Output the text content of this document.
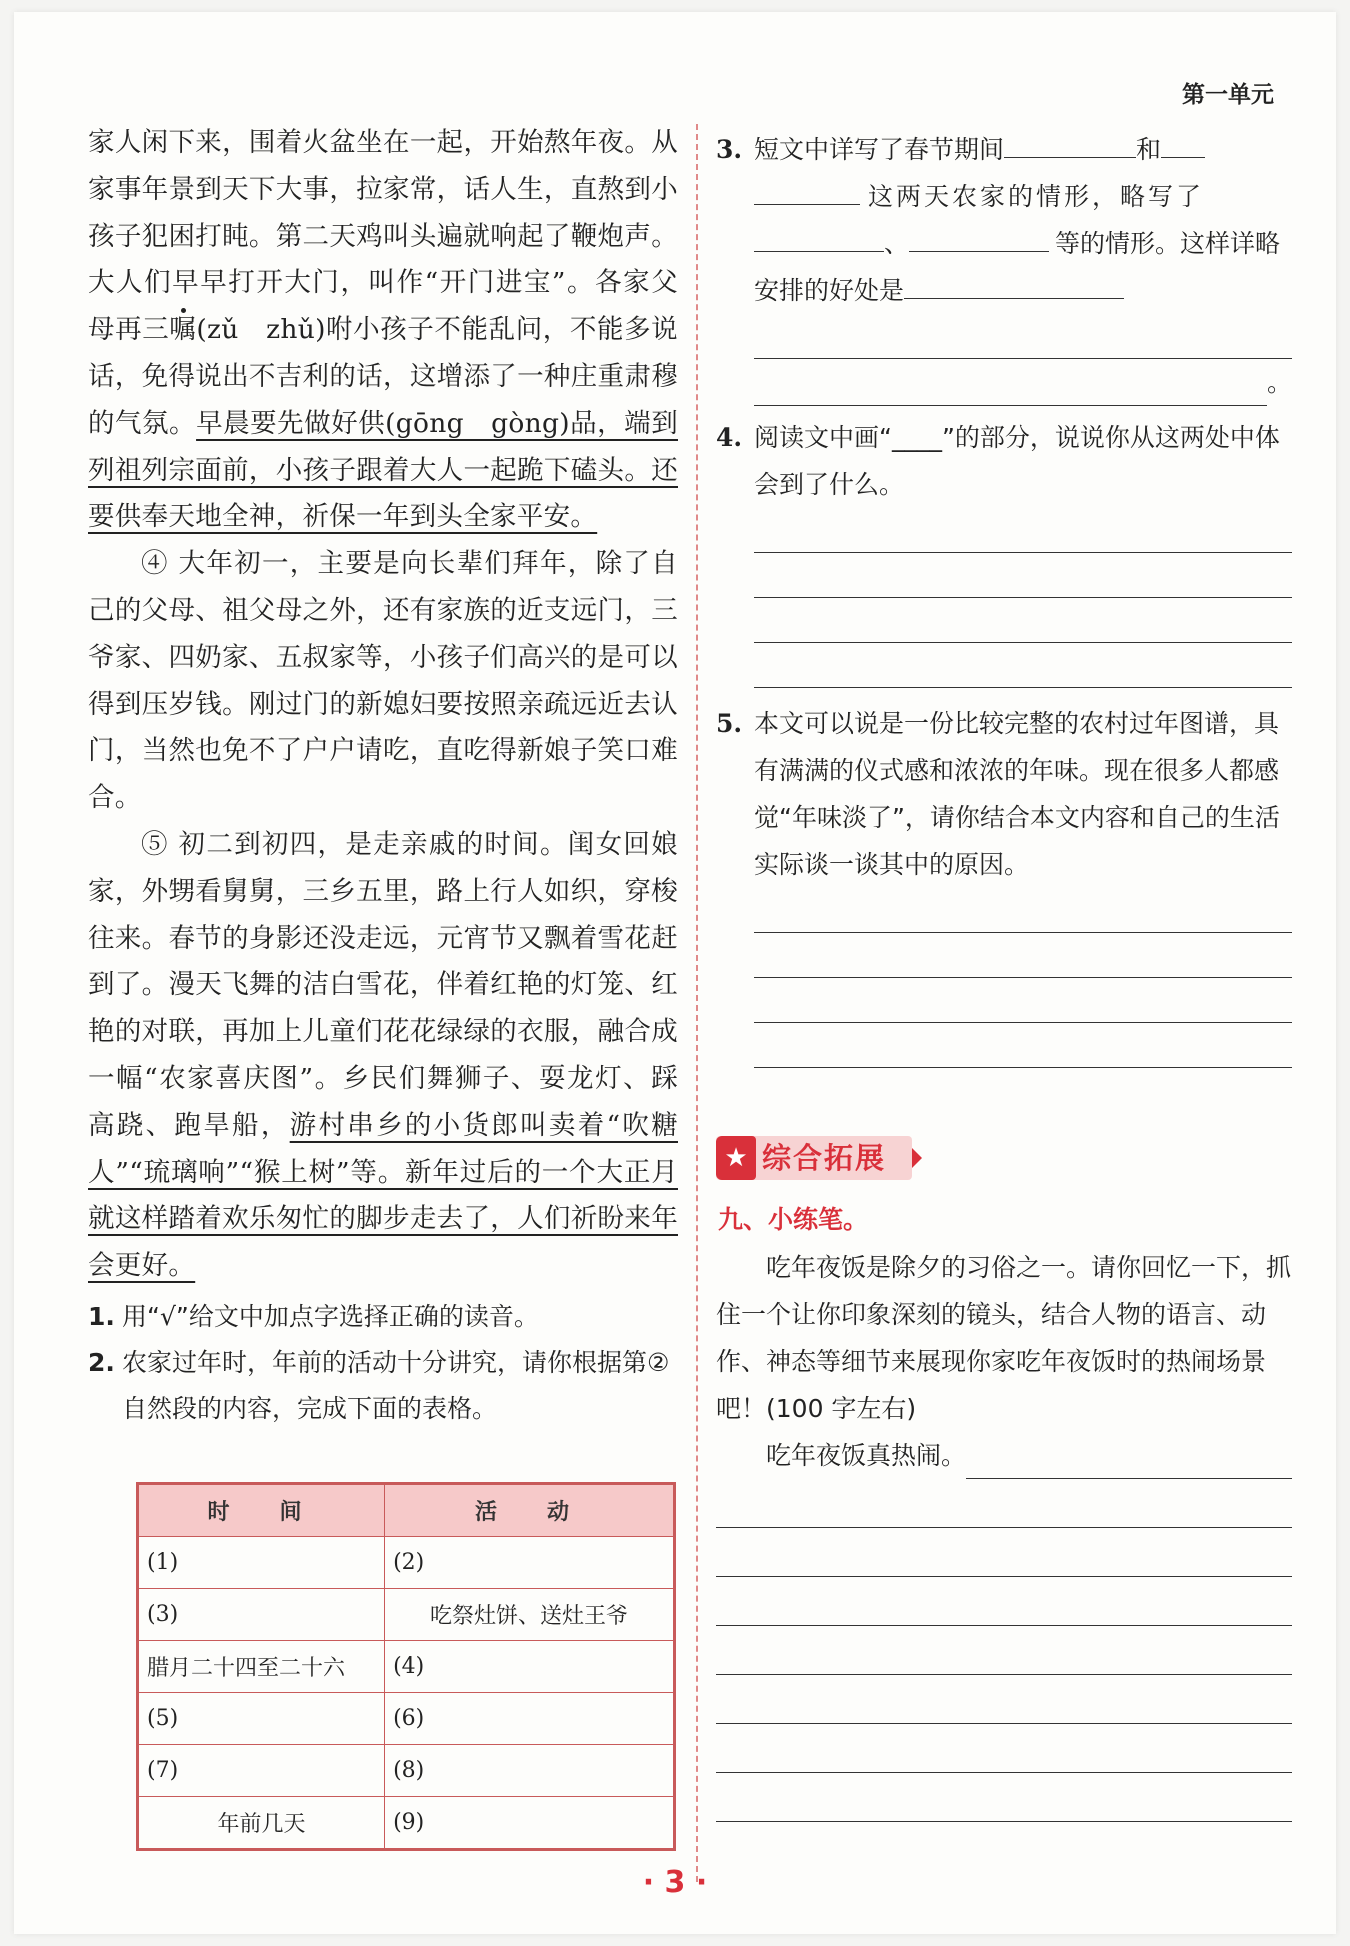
第一单元

家人闲下来，围着火盆坐在一起，开始熬年夜。从家事年景到天下大事，拉家常，话人生，直熬到小孩子犯困打盹。第二天鸡叫头遍就响起了鞭炮声。大人们早早打开大门，叫作“开门进宝”。各家父母再三嘱(zǔ　zhǔ)咐小孩子不能乱问，不能多说话，免得说出不吉利的话，这增添了一种庄重肃穆的气氛。早晨要先做好供(gōng　gòng)品，端到列祖列宗面前，小孩子跟着大人一起跪下磕头。还要供奉天地全神，祈保一年到头全家平安。

④ 大年初一，主要是向长辈们拜年，除了自己的父母、祖父母之外，还有家族的近支远门，三爷家、四奶家、五叔家等，小孩子们高兴的是可以得到压岁钱。刚过门的新媳妇要按照亲疏远近去认门，当然也免不了户户请吃，直吃得新娘子笑口难合。

⑤ 初二到初四，是走亲戚的时间。闺女回娘家，外甥看舅舅，三乡五里，路上行人如织，穿梭往来。春节的身影还没走远，元宵节又飘着雪花赶到了。漫天飞舞的洁白雪花，伴着红艳的灯笼、红艳的对联，再加上儿童们花花绿绿的衣服，融合成一幅“农家喜庆图”。乡民们舞狮子、耍龙灯、踩高跷、跑旱船，游村串乡的小货郎叫卖着“吹糖人”“琉璃响”“猴上树”等。新年过后的一个大正月就这样踏着欢乐匆忙的脚步走去了，人们祈盼来年会更好。

1. 用“√”给文中加点字选择正确的读音。

2. 农家过年时，年前的活动十分讲究，请你根据第②自然段的内容，完成下面的表格。

时　间	活　动
(1)	(2)
(3)	吃祭灶饼、送灶王爷
腊月二十四至二十六	(4)
(5)	(6)
(7)	(8)
年前几天	(9)
3. 短文中详写了春节期间	和
这两天农家的情形，略写了
、	等的情形。这样详略安排的好处是
。
4. 阅读文中画“____”的部分，说说你从这两处中体会到了什么。
5. 本文可以说是一份比较完整的农村过年图谱，具有满满的仪式感和浓浓的年味。现在很多人都感觉“年味淡了”，请你结合本文内容和自己的生活实际谈一谈其中的原因。
★ 综合拓展
九、小练笔。

吃年夜饭是除夕的习俗之一。请你回忆一下，抓住一个让你印象深刻的镜头，结合人物的语言、动作、神态等细节来展现你家吃年夜饭时的热闹场景吧！(100 字左右)

吃年夜饭真热闹。
· 3 ·
